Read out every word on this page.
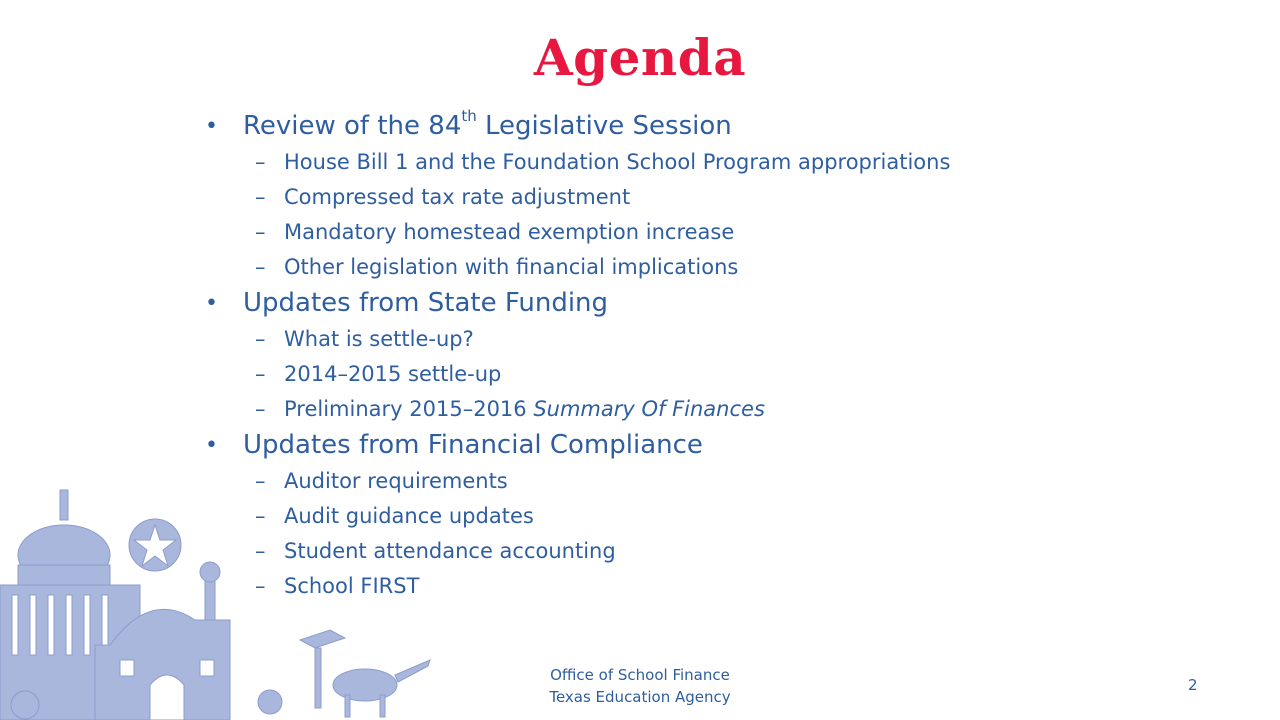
Agenda
• Review of the 84th Legislative Session
– House Bill 1 and the Foundation School Program appropriations
– Compressed tax rate adjustment
– Mandatory homestead exemption increase
– Other legislation with financial implications
• Updates from State Funding
– What is settle-up?
– 2014–2015 settle-up
– Preliminary 2015–2016 Summary Of Finances
• Updates from Financial Compliance
– Auditor requirements
– Audit guidance updates
– Student attendance accounting
– School FIRST
Office of School Finance
Texas Education Agency
2
